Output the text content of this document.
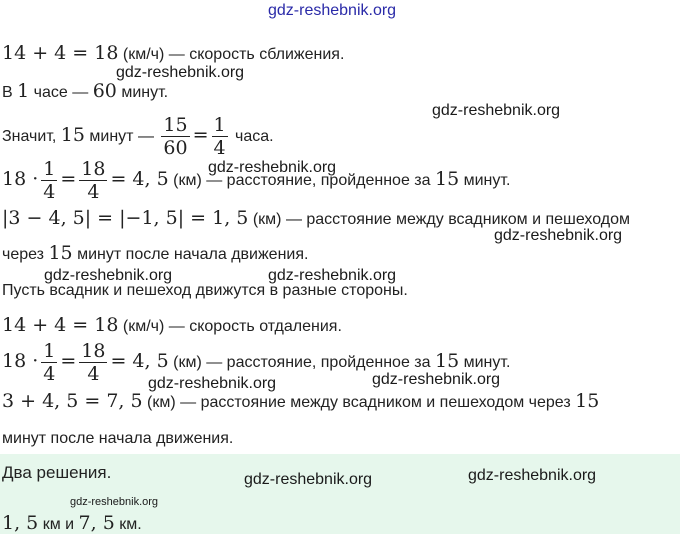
gdz-reshebnik.org
gdz-reshebnik.org
gdz-reshebnik.org
gdz-reshebnik.org
gdz-reshebnik.org
gdz-reshebnik.org	gdz-reshebnik.org
gdz-reshebnik.org	gdz-reshebnik.org
gdz-reshebnik.org	gdz-reshebnik.org
gdz-reshebnik.org
14 + 4 = 18 (км/ч) — скорость сближения.
В 1 часе — 60 минут.
Значит, 15 минут — $\frac{15}{60} = \frac{1}{4}$ часа.
$18 \cdot \frac{1}{4} = \frac{18}{4} = 4$, 5 (км) — расстояние, пройденное за 15 минут.
|3 − 4, 5| = |−1, 5| = 1, 5 (км) — расстояние между всадником и пешеходом
через 15 минут после начала движения.
Пусть всадник и пешеход движутся в разные стороны.
14 + 4 = 18 (км/ч) — скорость отдаления.
$18 \cdot \frac{1}{4} = \frac{18}{4} = 4$, 5 (км) — расстояние, пройденное за 15 минут.
3 + 4, 5 = 7, 5 (км) — расстояние между всадником и пешеходом через 15
минут после начала движения.
Два решения.
1, 5 км и 7, 5 км.
